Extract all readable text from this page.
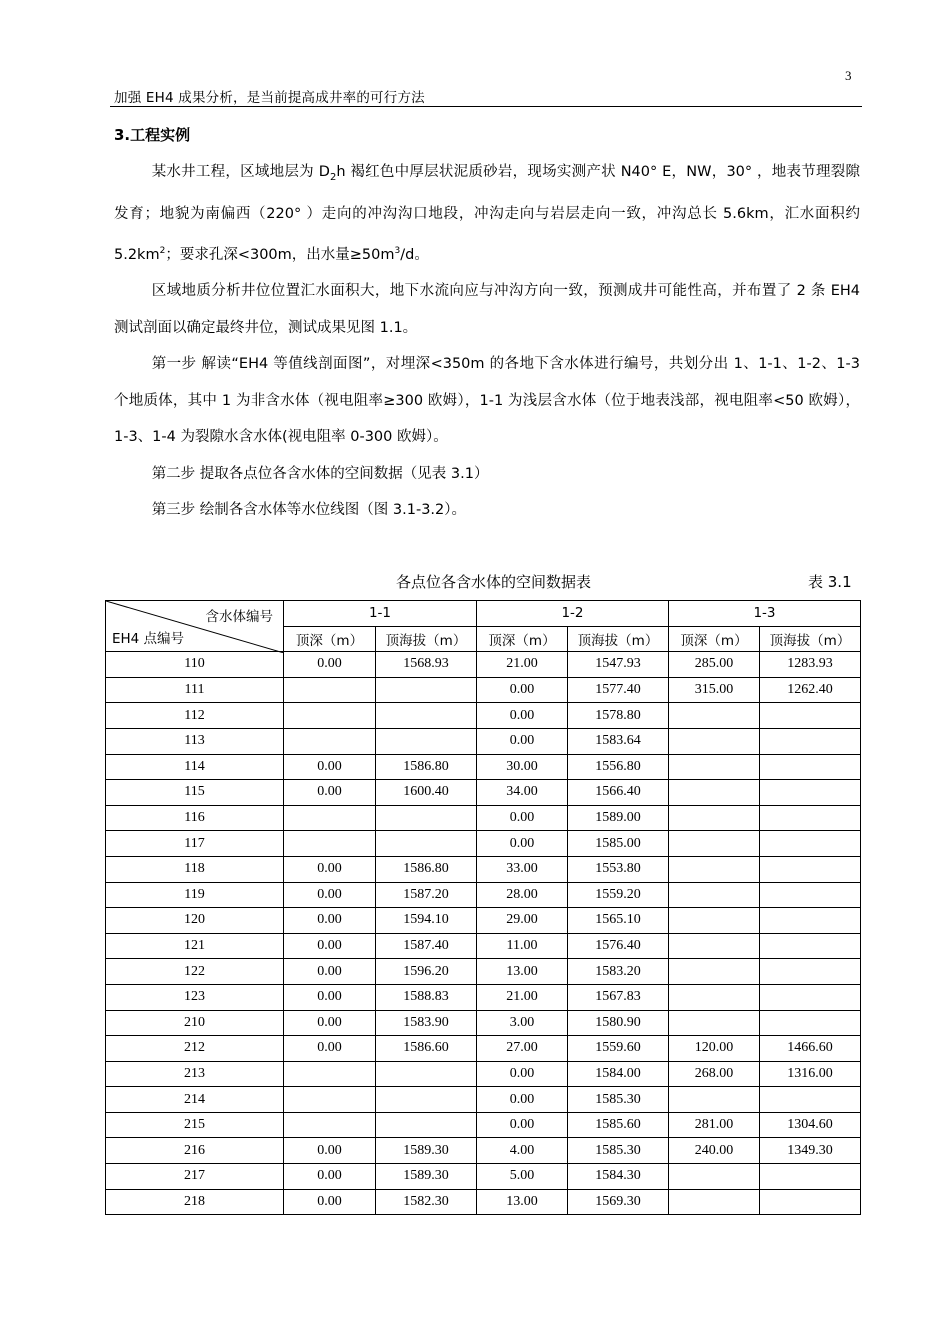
3
加强 EH4 成果分析，是当前提高成井率的可行方法
3.工程实例

某水井工程，区域地层为 $D_2h$ 褐红色中厚层状泥质砂岩，现场实测产状 N40° E，NW，30° ，地表节理裂隙发育；地貌为南偏西（220° ）走向的冲沟沟口地段，冲沟走向与岩层走向一致，冲沟总长 5.6km，汇水面积约 $5.2km^2$；要求孔深<300m，出水量$\ge 50m^3/d$。

区域地质分析井位位置汇水面积大，地下水流向应与冲沟方向一致，预测成井可能性高，并布置了 2 条 EH4 测试剖面以确定最终井位，测试成果见图 1.1。

第一步 解读“EH4 等值线剖面图”，对埋深<350m 的各地下含水体进行编号，共划分出 1、1-1、1-2、1-3 个地质体，其中 1 为非含水体（视电阻率≥300 欧姆），1-1 为浅层含水体（位于地表浅部，视电阻率<50 欧姆），1-3、1-4 为裂隙水含水体(视电阻率 0-300 欧姆）。

第二步 提取各点位各含水体的空间数据（见表 3.1）

第三步 绘制各含水体等水位线图（图 3.1-3.2）。

各点位各含水体的空间数据表	表 3.1
含水体编号
EH4 点编号	1-1		1-2		1-3	
	顶深（m）	顶海拔（m）	顶深（m）	顶海拔（m）	顶深（m）	顶海拔（m）
110	0.00	1568.93	21.00	1547.93	285.00	1283.93
111			0.00	1577.40	315.00	1262.40
112			0.00	1578.80		
113			0.00	1583.64		
114	0.00	1586.80	30.00	1556.80		
115	0.00	1600.40	34.00	1566.40		
116			0.00	1589.00		
117			0.00	1585.00		
118	0.00	1586.80	33.00	1553.80		
119	0.00	1587.20	28.00	1559.20		
120	0.00	1594.10	29.00	1565.10		
121	0.00	1587.40	11.00	1576.40		
122	0.00	1596.20	13.00	1583.20		
123	0.00	1588.83	21.00	1567.83		
210	0.00	1583.90	3.00	1580.90		
212	0.00	1586.60	27.00	1559.60	120.00	1466.60
213			0.00	1584.00	268.00	1316.00
214			0.00	1585.30		
215			0.00	1585.60	281.00	1304.60
216	0.00	1589.30	4.00	1585.30	240.00	1349.30
217	0.00	1589.30	5.00	1584.30		
218	0.00	1582.30	13.00	1569.30		
